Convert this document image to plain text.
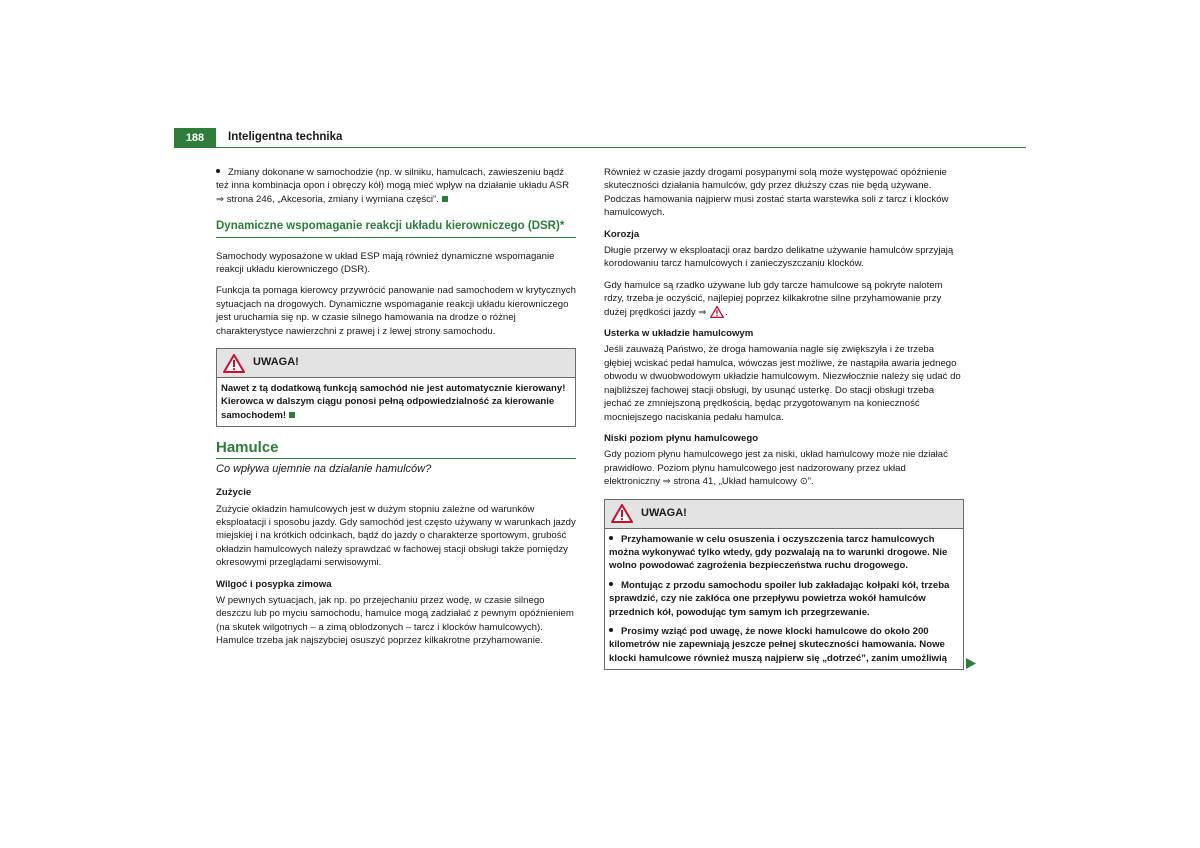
188	Inteligentna technika

Zmiany dokonane w samochodzie (np. w silniku, hamulcach, zawieszeniu bądź też inna kombinacja opon i obręczy kół) mogą mieć wpływ na działanie układu ASR ⇒ strona 246, „Akcesoria, zmiany i wymiana części”.

Dynamiczne wspomaganie reakcji układu kierowniczego (DSR)*

Samochody wyposażone w układ ESP mają również dynamiczne wspomaganie reakcji układu kierowniczego (DSR).

Funkcja ta pomaga kierowcy przywrócić panowanie nad samochodem w krytycznych sytuacjach na drogowych. Dynamiczne wspomaganie reakcji układu kierowniczego jest uruchamia się np. w czasie silnego hamowania na drodze o różnej charakterystyce nawierzchni z prawej i z lewej strony samochodu.

UWAGA!
Nawet z tą dodatkową funkcją samochód nie jest automatycznie kierowany! Kierowca w dalszym ciągu ponosi pełną odpowiedzialność za kierowanie samochodem!
Hamulce
Co wpływa ujemnie na działanie hamulców?
Zużycie

Zużycie okładzin hamulcowych jest w dużym stopniu zależne od warunków eksploatacji i sposobu jazdy. Gdy samochód jest często używany w warunkach jazdy miejskiej i na krótkich odcinkach, bądź do jazdy o charakterze sportowym, grubość okładzin hamulcowych należy sprawdzać w fachowej stacji obsługi także pomiędzy okresowymi przeglądami serwisowymi.

Wilgoć i posypka zimowa

W pewnych sytuacjach, jak np. po przejechaniu przez wodę, w czasie silnego deszczu lub po myciu samochodu, hamulce mogą zadziałać z pewnym opóźnieniem (na skutek wilgotnych – a zimą oblodzonych – tarcz i klocków hamulcowych). Hamulce trzeba jak najszybciej osuszyć poprzez kilkakrotne przyhamowanie.

Również w czasie jazdy drogami posypanymi solą może występować opóźnienie skuteczności działania hamulców, gdy przez dłuższy czas nie będą używane. Podczas hamowania najpierw musi zostać starta warstewka soli z tarcz i klocków hamulcowych.

Korozja

Długie przerwy w eksploatacji oraz bardzo delikatne używanie hamulców sprzyjają korodowaniu tarcz hamulcowych i zanieczyszczaniu klocków.

Gdy hamulce są rzadko używane lub gdy tarcze hamulcowe są pokryte nalotem rdzy, trzeba je oczyścić, najlepiej poprzez kilkakrotne silne przyhamowanie przy dużej prędkości jazdy ⇒ .

Usterka w układzie hamulcowym

Jeśli zauważą Państwo, że droga hamowania nagle się zwiększyła i że trzeba głębiej wciskać pedał hamulca, wówczas jest możliwe, że nastąpiła awaria jednego obwodu w dwuobwodowym układzie hamulcowym. Niezwłocznie należy się udać do najbliższej fachowej stacji obsługi, by usunąć usterkę. Do stacji obsługi trzeba jechać ze zmniejszoną prędkością, będąc przygotowanym na konieczność mocniejszego naciskania pedału hamulca.

Niski poziom płynu hamulcowego

Gdy poziom płynu hamulcowego jest za niski, układ hamulcowy może nie działać prawidłowo. Poziom płynu hamulcowego jest nadzorowany przez układ elektroniczny ⇒ strona 41, „Układ hamulcowy ⊙”.

UWAGA!

Przyhamowanie w celu osuszenia i oczyszczenia tarcz hamulcowych można wykonywać tylko wtedy, gdy pozwalają na to warunki drogowe. Nie wolno powodować zagrożenia bezpieczeństwa ruchu drogowego.

Montując z przodu samochodu spoiler lub zakładając kołpaki kół, trzeba sprawdzić, czy nie zakłóca one przepływu powietrza wokół hamulców przednich kół, powodując tym samym ich przegrzewanie.

Prosimy wziąć pod uwagę, że nowe klocki hamulcowe do około 200 kilometrów nie zapewniają jeszcze pełnej skuteczności hamowania. Nowe klocki hamulcowe również muszą najpierw się „dotrzeć”, zanim umożliwią
